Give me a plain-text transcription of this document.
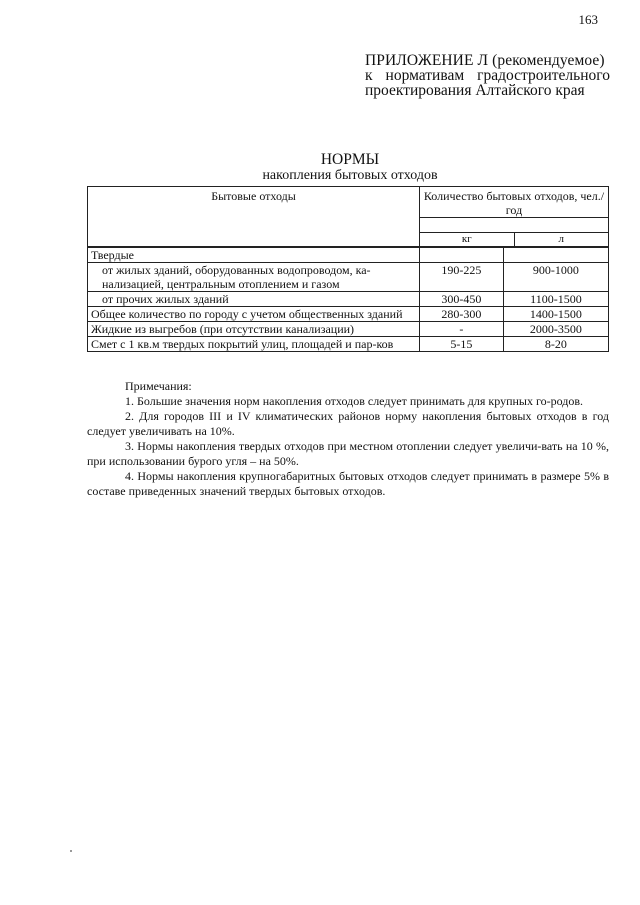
163
ПРИЛОЖЕНИЕ Л (рекомендуемое)
к нормативам градостроительного
проектирования Алтайского края
НОРМЫ
накопления бытовых отходов
Бытовые отходы	Количество бытовых отходов, чел./год	

	кг л	

Твердые		
от жилых зданий, оборудованных водопроводом, ка-нализацией, центральным отоплением и газом	190-225	900-1000
от прочих жилых зданий	300-450	1100-1500
Общее количество по городу с учетом общественных зданий	280-300	1400-1500
Жидкие из выгребов (при отсутствии канализации)	-	2000-3500
Смет с 1 кв.м твердых покрытий улиц, площадей и пар-ков	5-15	8-20
Примечания:

1. Большие значения норм накопления отходов следует принимать для крупных го-родов.

2. Для городов III и IV климатических районов норму накопления бытовых отходов в год следует увеличивать на 10%.

3. Нормы накопления твердых отходов при местном отоплении следует увеличи-вать на 10 %, при использовании бурого угля – на 50%.

4. Нормы накопления крупногабаритных бытовых отходов следует принимать в размере 5% в составе приведенных значений твердых бытовых отходов.
